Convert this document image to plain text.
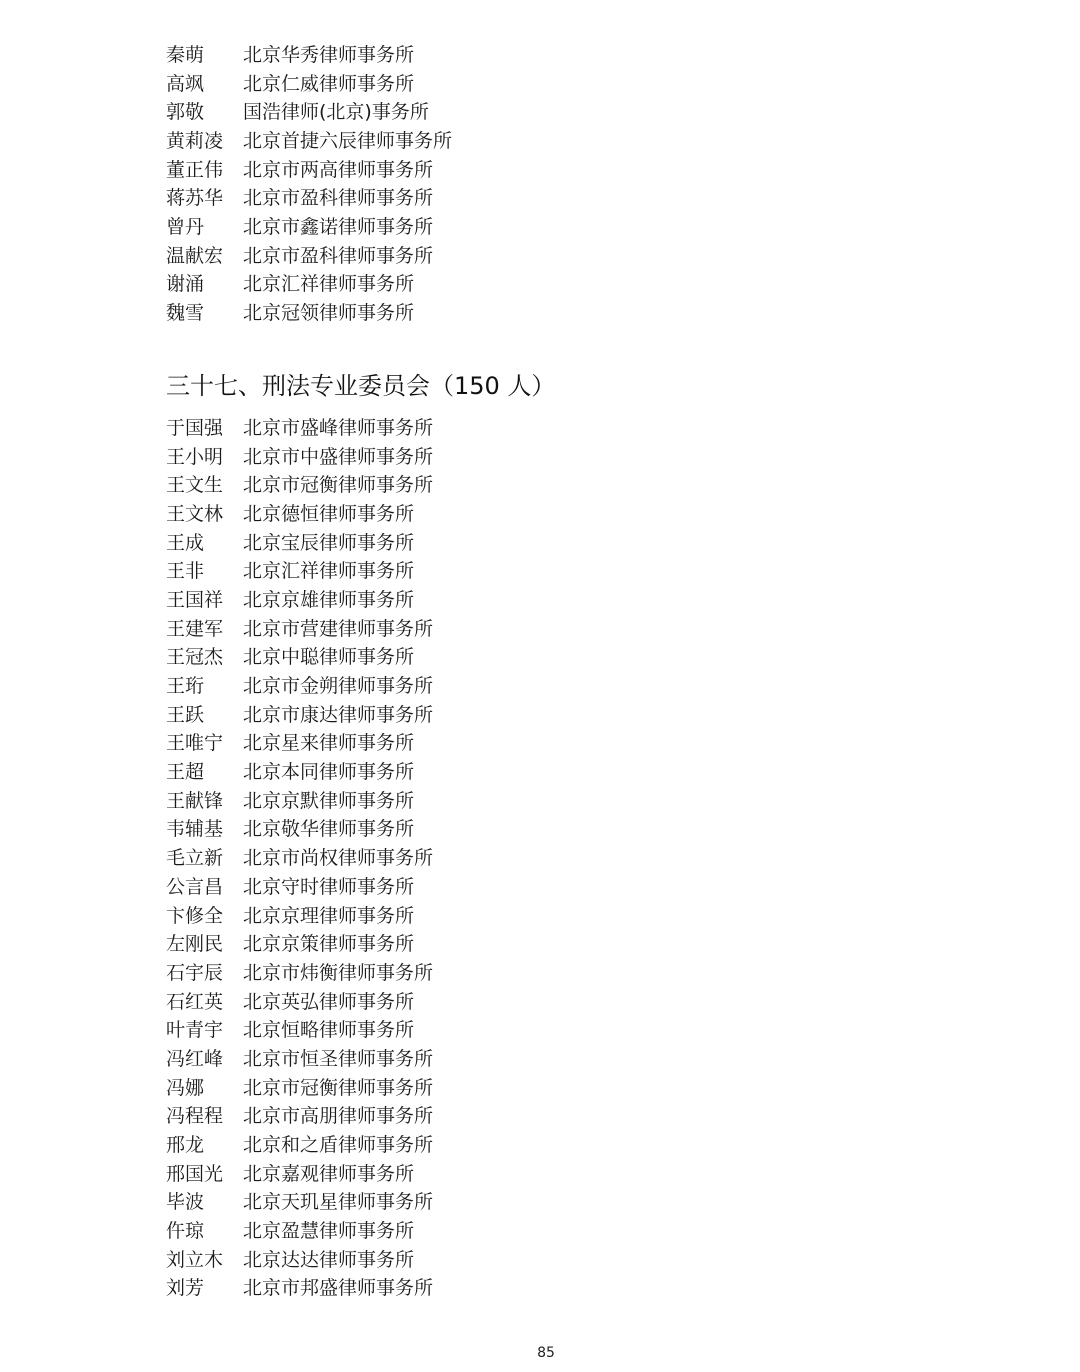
秦萌	北京华秀律师事务所
高飒	北京仁威律师事务所
郭敬	国浩律师(北京)事务所
黄莉凌	北京首捷六辰律师事务所
董正伟	北京市两高律师事务所
蒋苏华	北京市盈科律师事务所
曾丹	北京市鑫诺律师事务所
温献宏	北京市盈科律师事务所
谢涌	北京汇祥律师事务所
魏雪	北京冠领律师事务所
三十七、刑法专业委员会（150 人）
于国强	北京市盛峰律师事务所
王小明	北京市中盛律师事务所
王文生	北京市冠衡律师事务所
王文林	北京德恒律师事务所
王成	北京宝辰律师事务所
王非	北京汇祥律师事务所
王国祥	北京京雄律师事务所
王建军	北京市营建律师事务所
王冠杰	北京中聪律师事务所
王珩	北京市金朔律师事务所
王跃	北京市康达律师事务所
王唯宁	北京星来律师事务所
王超	北京本同律师事务所
王献锋	北京京默律师事务所
韦辅基	北京敬华律师事务所
毛立新	北京市尚权律师事务所
公言昌	北京守时律师事务所
卞修全	北京京理律师事务所
左刚民	北京京策律师事务所
石宇辰	北京市炜衡律师事务所
石红英	北京英弘律师事务所
叶青宇	北京恒略律师事务所
冯红峰	北京市恒圣律师事务所
冯娜	北京市冠衡律师事务所
冯程程	北京市高朋律师事务所
邢龙	北京和之盾律师事务所
邢国光	北京嘉观律师事务所
毕波	北京天玑星律师事务所
仵琼	北京盈慧律师事务所
刘立木	北京达达律师事务所
刘芳	北京市邦盛律师事务所
85
